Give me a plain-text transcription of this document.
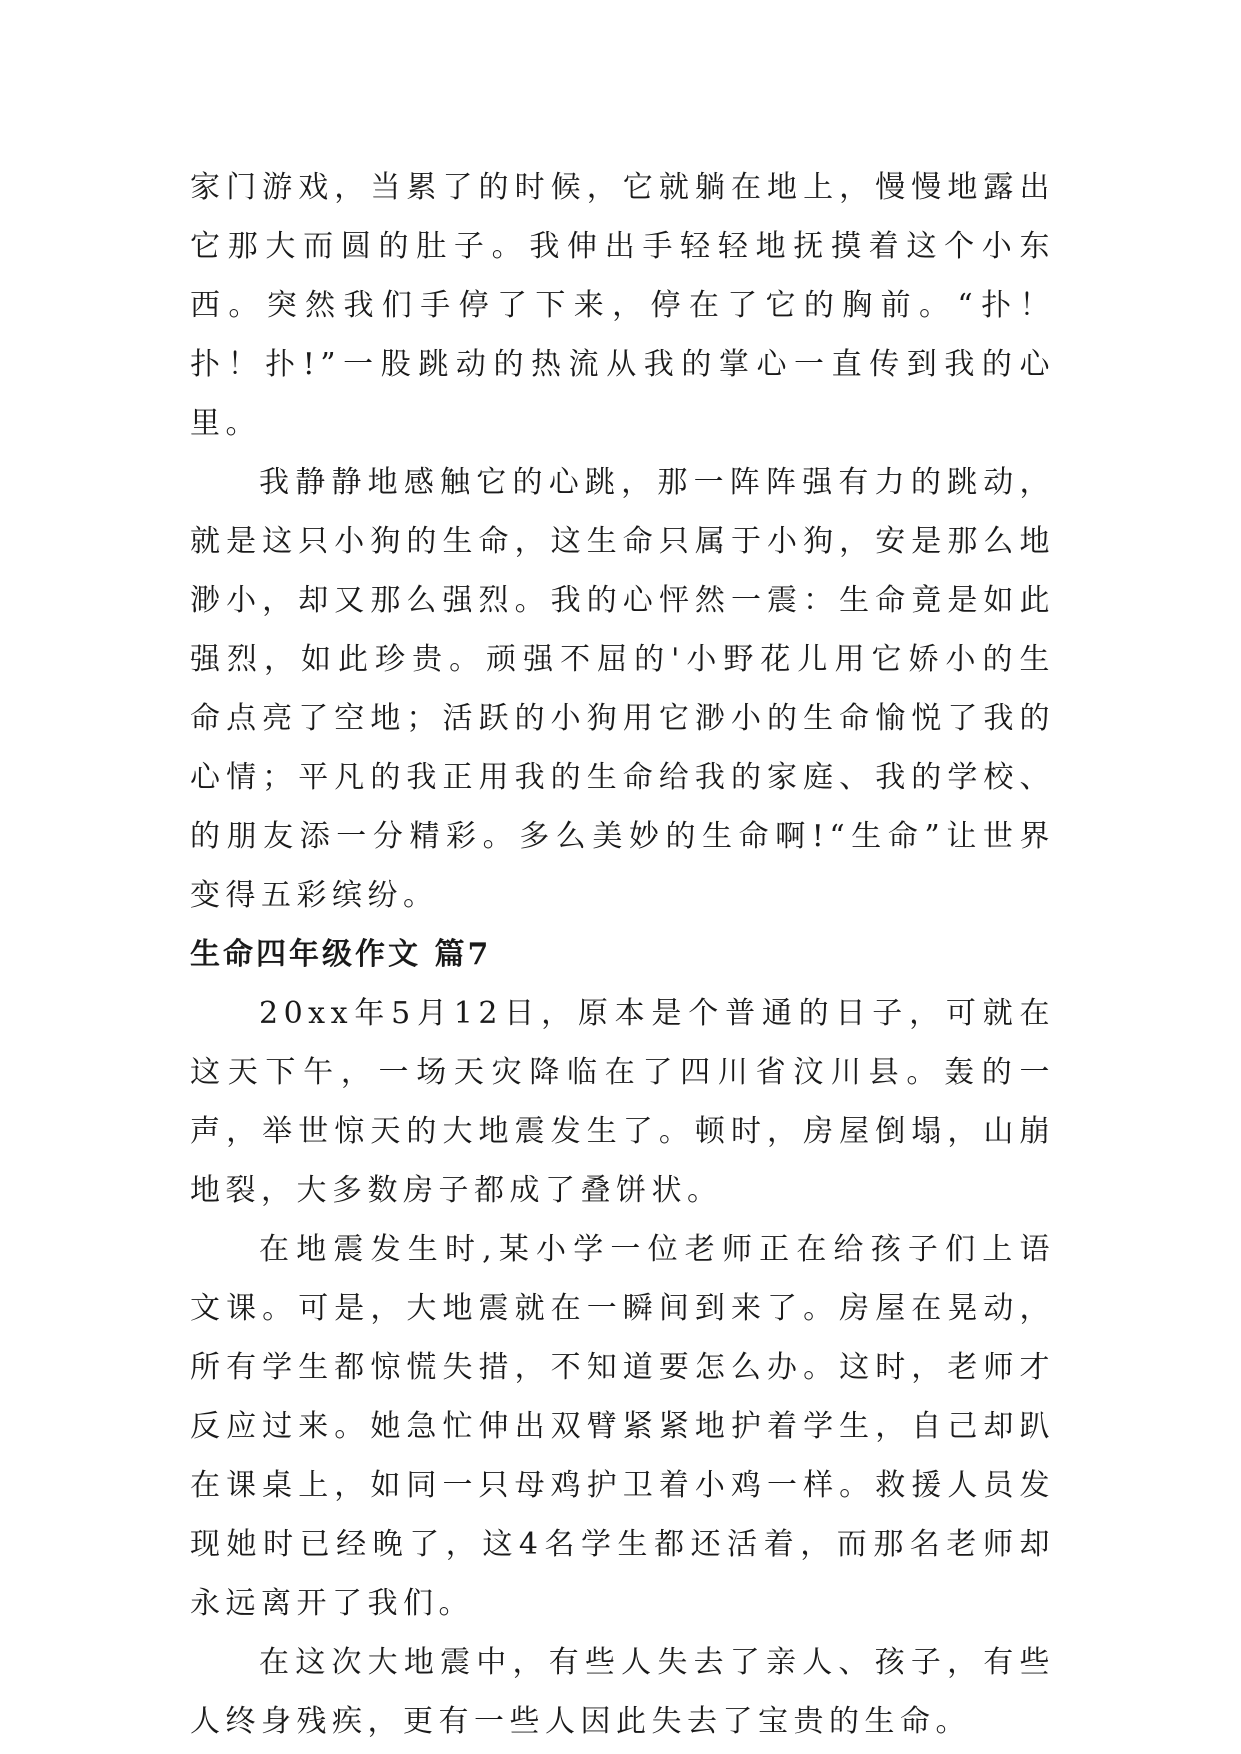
家门游戏，当累了的时候，它就躺在地上，慢慢地露出它那大而圆的肚子。我伸出手轻轻地抚摸着这个小东西。突然我们手停了下来，停在了它的胸前。“扑！扑！扑!”一股跳动的热流从我的掌心一直传到我的心里。

我静静地感触它的心跳，那一阵阵强有力的跳动，就是这只小狗的生命，这生命只属于小狗，安是那么地渺小，却又那么强烈。我的心怦然一震：生命竟是如此强烈，如此珍贵。顽强不屈的'小野花儿用它娇小的生命点亮了空地；活跃的小狗用它渺小的生命愉悦了我的心情；平凡的我正用我的生命给我的家庭、我的学校、的朋友添一分精彩。多么美妙的生命啊!“生命”让世界变得五彩缤纷。

生命四年级作文 篇7

20xx年5月12日，原本是个普通的日子，可就在这天下午，一场天灾降临在了四川省汶川县。轰的一声，举世惊天的大地震发生了。顿时，房屋倒塌，山崩地裂，大多数房子都成了叠饼状。

在地震发生时,某小学一位老师正在给孩子们上语文课。可是，大地震就在一瞬间到来了。房屋在晃动，所有学生都惊慌失措，不知道要怎么办。这时，老师才反应过来。她急忙伸出双臂紧紧地护着学生，自己却趴在课桌上，如同一只母鸡护卫着小鸡一样。救援人员发现她时已经晚了，这4名学生都还活着，而那名老师却永远离开了我们。

在这次大地震中，有些人失去了亲人、孩子，有些人终身残疾，更有一些人因此失去了宝贵的生命。
